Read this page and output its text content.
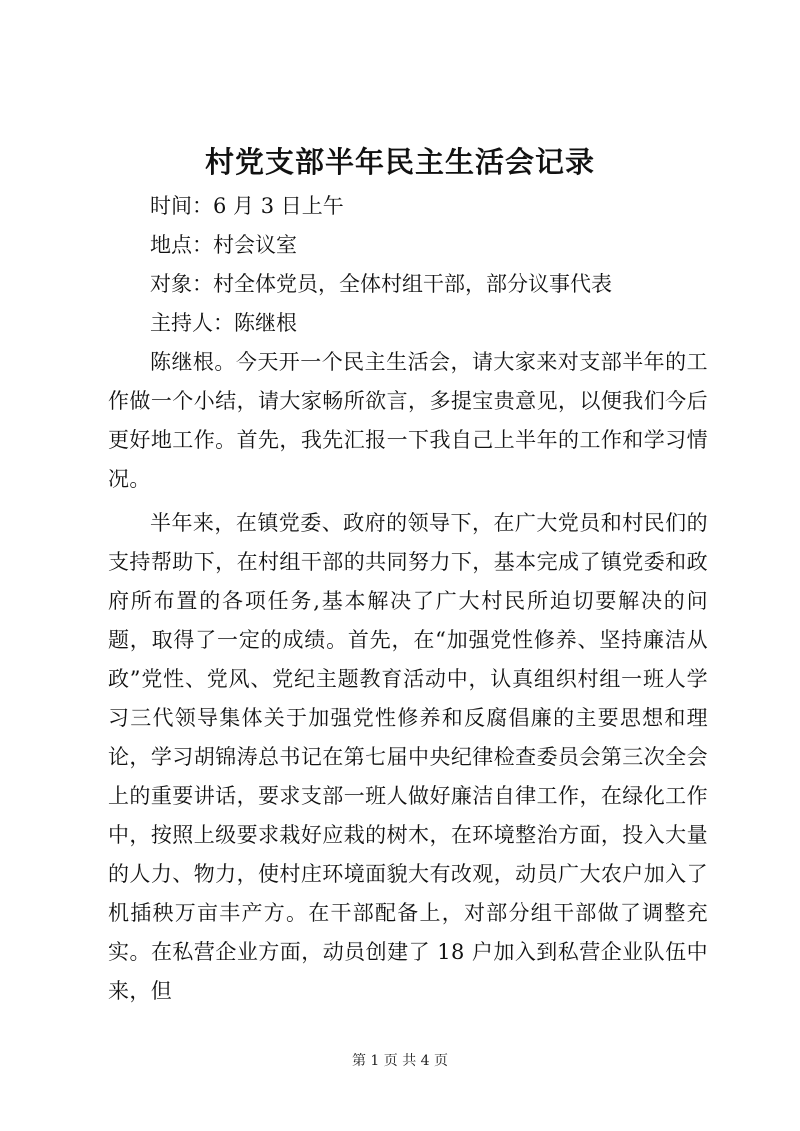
村党支部半年民主生活会记录

时间：6 月 3 日上午

地点：村会议室

对象：村全体党员，全体村组干部，部分议事代表

主持人：陈继根

陈继根。今天开一个民主生活会，请大家来对支部半年的工作做一个小结，请大家畅所欲言，多提宝贵意见，以便我们今后更好地工作。首先，我先汇报一下我自己上半年的工作和学习情况。

半年来，在镇党委、政府的领导下，在广大党员和村民们的支持帮助下，在村组干部的共同努力下，基本完成了镇党委和政府所布置的各项任务,基本解决了广大村民所迫切要解决的问题，取得了一定的成绩。首先，在“加强党性修养、坚持廉洁从政”党性、党风、党纪主题教育活动中，认真组织村组一班人学习三代领导集体关于加强党性修养和反腐倡廉的主要思想和理论，学习胡锦涛总书记在第七届中央纪律检查委员会第三次全会上的重要讲话，要求支部一班人做好廉洁自律工作，在绿化工作中，按照上级要求栽好应栽的树木，在环境整治方面，投入大量的人力、物力，使村庄环境面貌大有改观，动员广大农户加入了机插秧万亩丰产方。在干部配备上，对部分组干部做了调整充实。在私营企业方面，动员创建了 18 户加入到私营企业队伍中来，但

第 1 页 共 4 页
